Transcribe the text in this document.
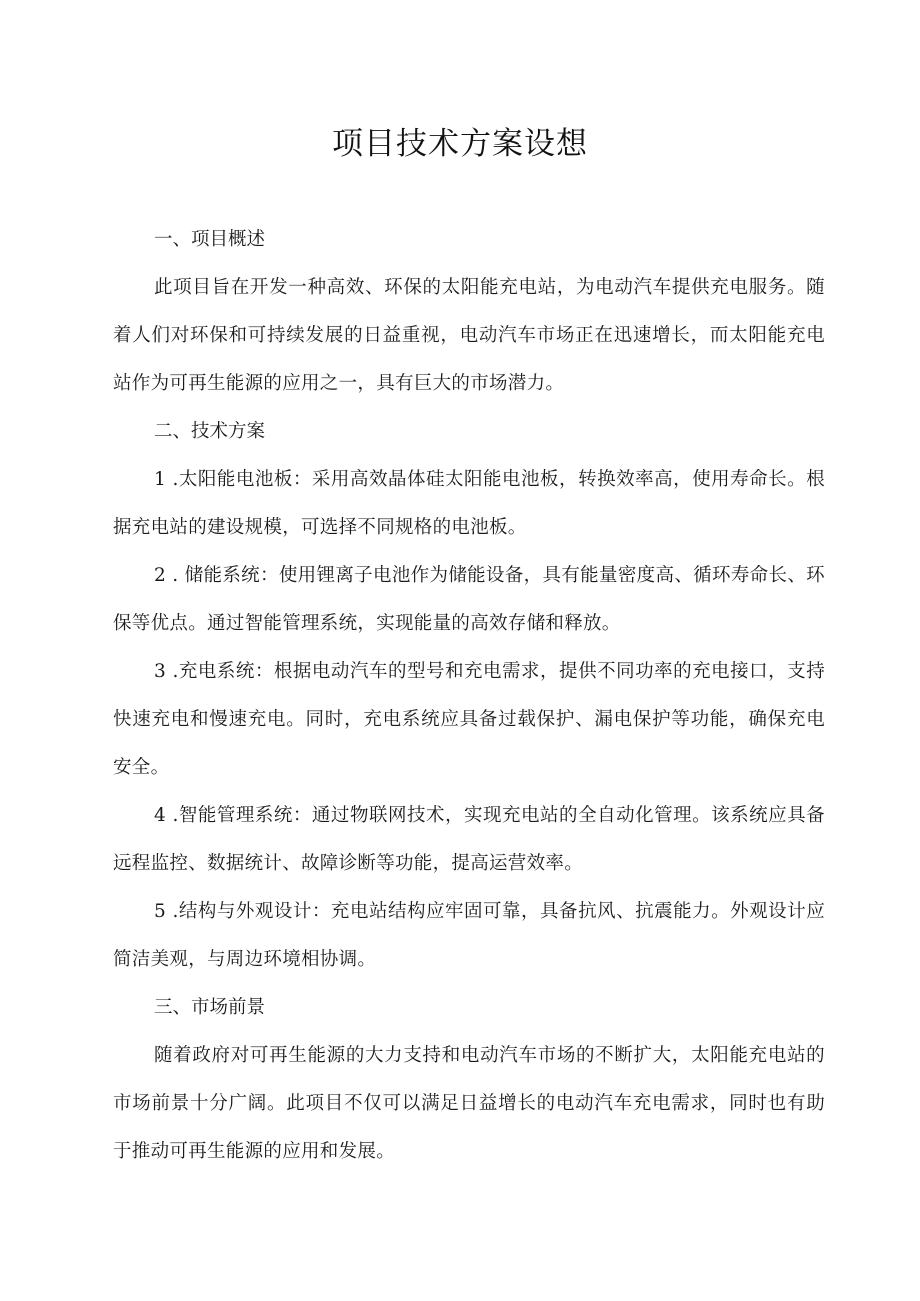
项目技术方案设想

一、项目概述

此项目旨在开发一种高效、环保的太阳能充电站，为电动汽车提供充电服务。随着人们对环保和可持续发展的日益重视，电动汽车市场正在迅速增长，而太阳能充电站作为可再生能源的应用之一，具有巨大的市场潜力。

二、技术方案

1 .太阳能电池板：采用高效晶体硅太阳能电池板，转换效率高，使用寿命长。根据充电站的建设规模，可选择不同规格的电池板。

2 . 储能系统：使用锂离子电池作为储能设备，具有能量密度高、循环寿命长、环保等优点。通过智能管理系统，实现能量的高效存储和释放。

3 .充电系统：根据电动汽车的型号和充电需求，提供不同功率的充电接口，支持快速充电和慢速充电。同时，充电系统应具备过载保护、漏电保护等功能，确保充电安全。

4 .智能管理系统：通过物联网技术，实现充电站的全自动化管理。该系统应具备远程监控、数据统计、故障诊断等功能，提高运营效率。

5 .结构与外观设计：充电站结构应牢固可靠，具备抗风、抗震能力。外观设计应简洁美观，与周边环境相协调。

三、市场前景

随着政府对可再生能源的大力支持和电动汽车市场的不断扩大，太阳能充电站的市场前景十分广阔。此项目不仅可以满足日益增长的电动汽车充电需求，同时也有助于推动可再生能源的应用和发展。
